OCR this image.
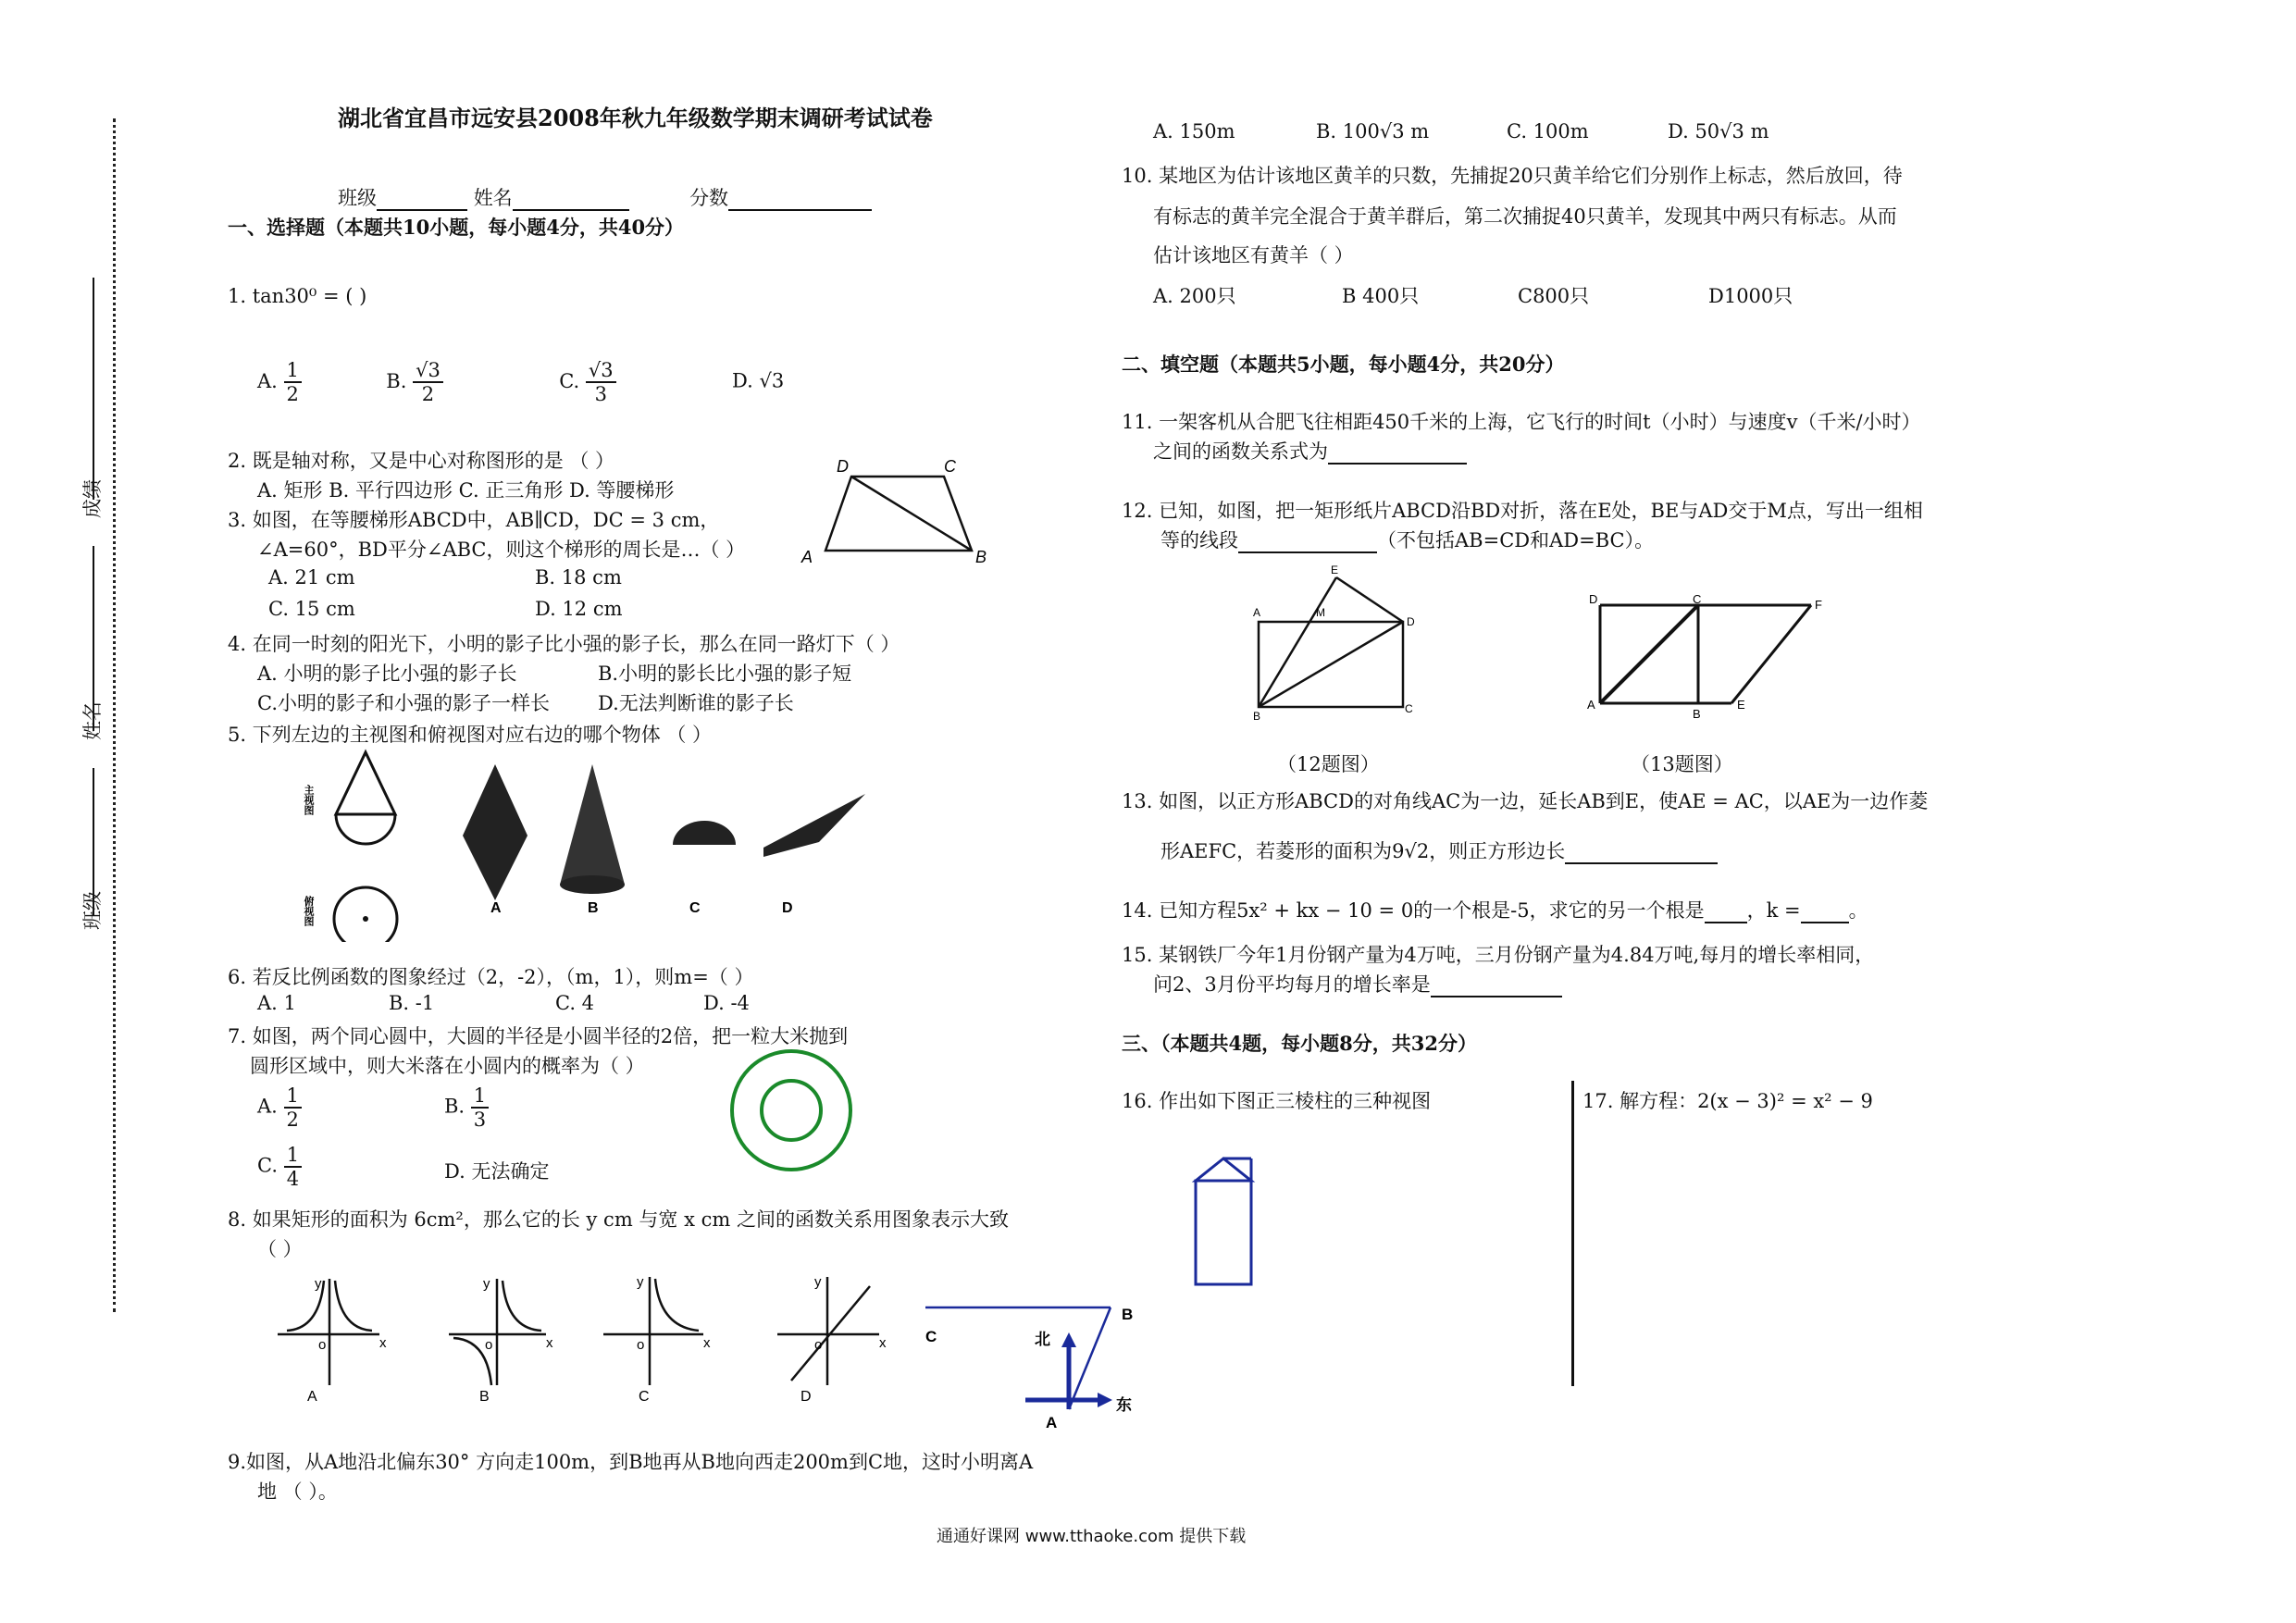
成绩
姓名
班级
湖北省宜昌市远安县2008年秋九年级数学期末调研考试试卷
班级	姓名	分数
一、选择题（本题共10小题，每小题4分，共40分）
1. tan30⁰ = ( )
A. $\frac{1}{2}$	B. $\frac{√3}{2}$	C. $\frac{√3}{3}$	D. √3
2. 既是轴对称，又是中心对称图形的是 （ ）
A. 矩形 B. 平行四边形 C. 正三角形 D. 等腰梯形
3. 如图，在等腰梯形ABCD中，AB∥CD，DC = 3 cm，
∠A=60°，BD平分∠ABC，则这个梯形的周长是…（ ）
A. 21 cm	B. 18 cm
C. 15 cm	D. 12 cm
D	C
A	B
4. 在同一时刻的阳光下，小明的影子比小强的影子长，那么在同一路灯下（ ）
A. 小明的影子比小强的影子长	B.小明的影长比小强的影子短
C.小明的影子和小强的影子一样长 D.无法判断谁的影子长
5. 下列左边的主视图和俯视图对应右边的哪个物体 （ ）
主视图
俯视图	A	B	C	D
6. 若反比例函数的图象经过（2，-2），（m，1），则m=（ ）
A. 1	B. -1	C. 4	D. -4
7. 如图，两个同心圆中，大圆的半径是小圆半径的2倍，把一粒大米抛到
圆形区域中，则大米落在小圆内的概率为（ ）
A. $\frac{1}{2}$	B. $\frac{1}{3}$
C. $\frac{1}{4}$	D. 无法确定
8. 如果矩形的面积为 6cm²，那么它的长 y cm 与宽 x cm 之间的函数关系用图象表示大致
（ ）
y
x
o
A
y
x
o
B
y
x
o
C
y
x
o
D
C
B
A
北
东
9.如图，从A地沿北偏东30° 方向走100m，到B地再从B地向西走200m到C地，这时小明离A
地 （ ）。
A. 150m	B. 100√3 m	C. 100m	D. 50√3 m
10. 某地区为估计该地区黄羊的只数，先捕捉20只黄羊给它们分别作上标志，然后放回，待
有标志的黄羊完全混合于黄羊群后，第二次捕捉40只黄羊，发现其中两只有标志。从而
估计该地区有黄羊（ ）
A. 200只	B 400只	C800只	D1000只
二、填空题（本题共5小题，每小题4分，共20分）
11. 一架客机从合肥飞往相距450千米的上海，它飞行的时间t（小时）与速度v（千米/小时）
之间的函数关系式为
12. 已知，如图，把一矩形纸片ABCD沿BD对折，落在E处，BE与AD交于M点，写出一组相
等的线段	（不包括AB=CD和AD=BC）。
A
E
M
D
B
C
（12题图）
D	C	F
A
B
E
（13题图）
13. 如图，以正方形ABCD的对角线AC为一边，延长AB到E，使AE = AC，以AE为一边作菱
形AEFC，若菱形的面积为9√2，则正方形边长
14. 已知方程5x² + kx − 10 = 0的一个根是-5，求它的另一个根是 ，k = 。
15. 某钢铁厂今年1月份钢产量为4万吨，三月份钢产量为4.84万吨,每月的增长率相同，
问2、3月份平均每月的增长率是
三、（本题共4题，每小题8分，共32分）
16. 作出如下图正三棱柱的三种视图	17. 解方程：2(x − 3)² = x² − 9
通通好课网 www.tthaoke.com 提供下载
